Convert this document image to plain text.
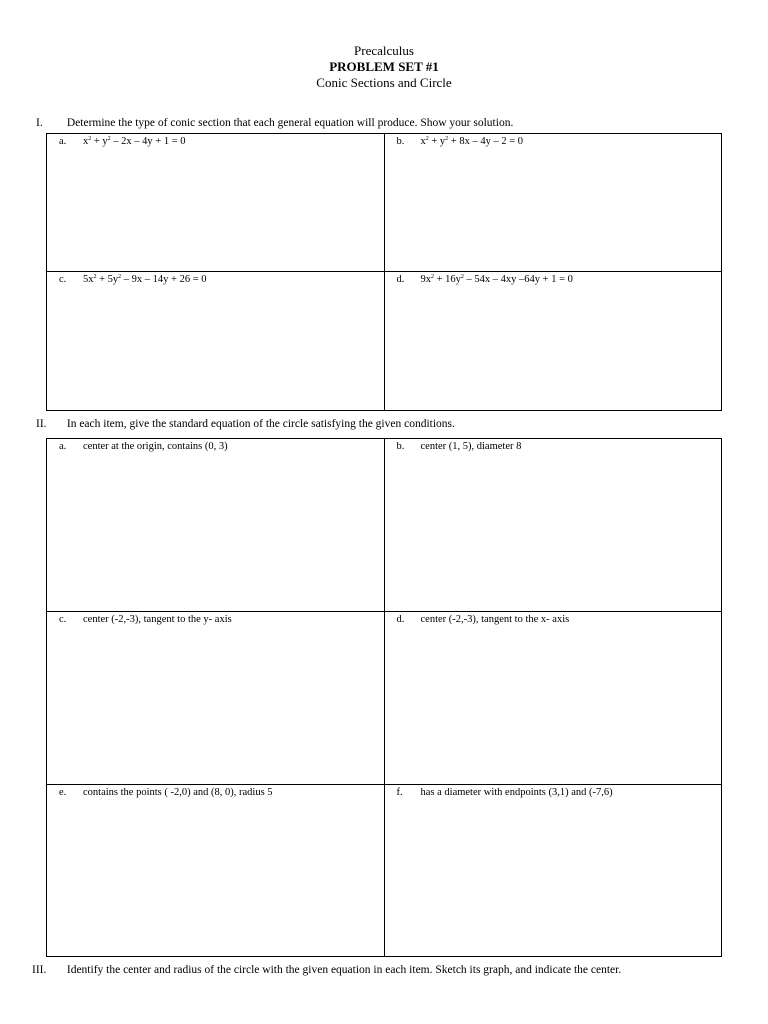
Precalculus
PROBLEM SET #1
Conic Sections and Circle
I. Determine the type of conic section that each general equation will produce. Show your solution.
a. $x^2 + y^2 - 2x - 4y + 1 = 0$	b. $x^2 + y^2 + 8x - 4y - 2 = 0$
c. $5x^2 + 5y^2 - 9x - 14y + 26 = 0$	d. $9x^2 + 16y^2 - 54x - 4xy$ –64y + 1 = 0
II. In each item, give the standard equation of the circle satisfying the given conditions.
a. center at the origin, contains (0, 3)	b. center (1, 5), diameter 8
c. center (-2,-3), tangent to the y- axis	d. center (-2,-3), tangent to the x- axis
e. contains the points ( -2,0) and (8, 0), radius 5	f. has a diameter with endpoints (3,1) and (-7,6)
III. Identify the center and radius of the circle with the given equation in each item. Sketch its graph, and indicate the center.
